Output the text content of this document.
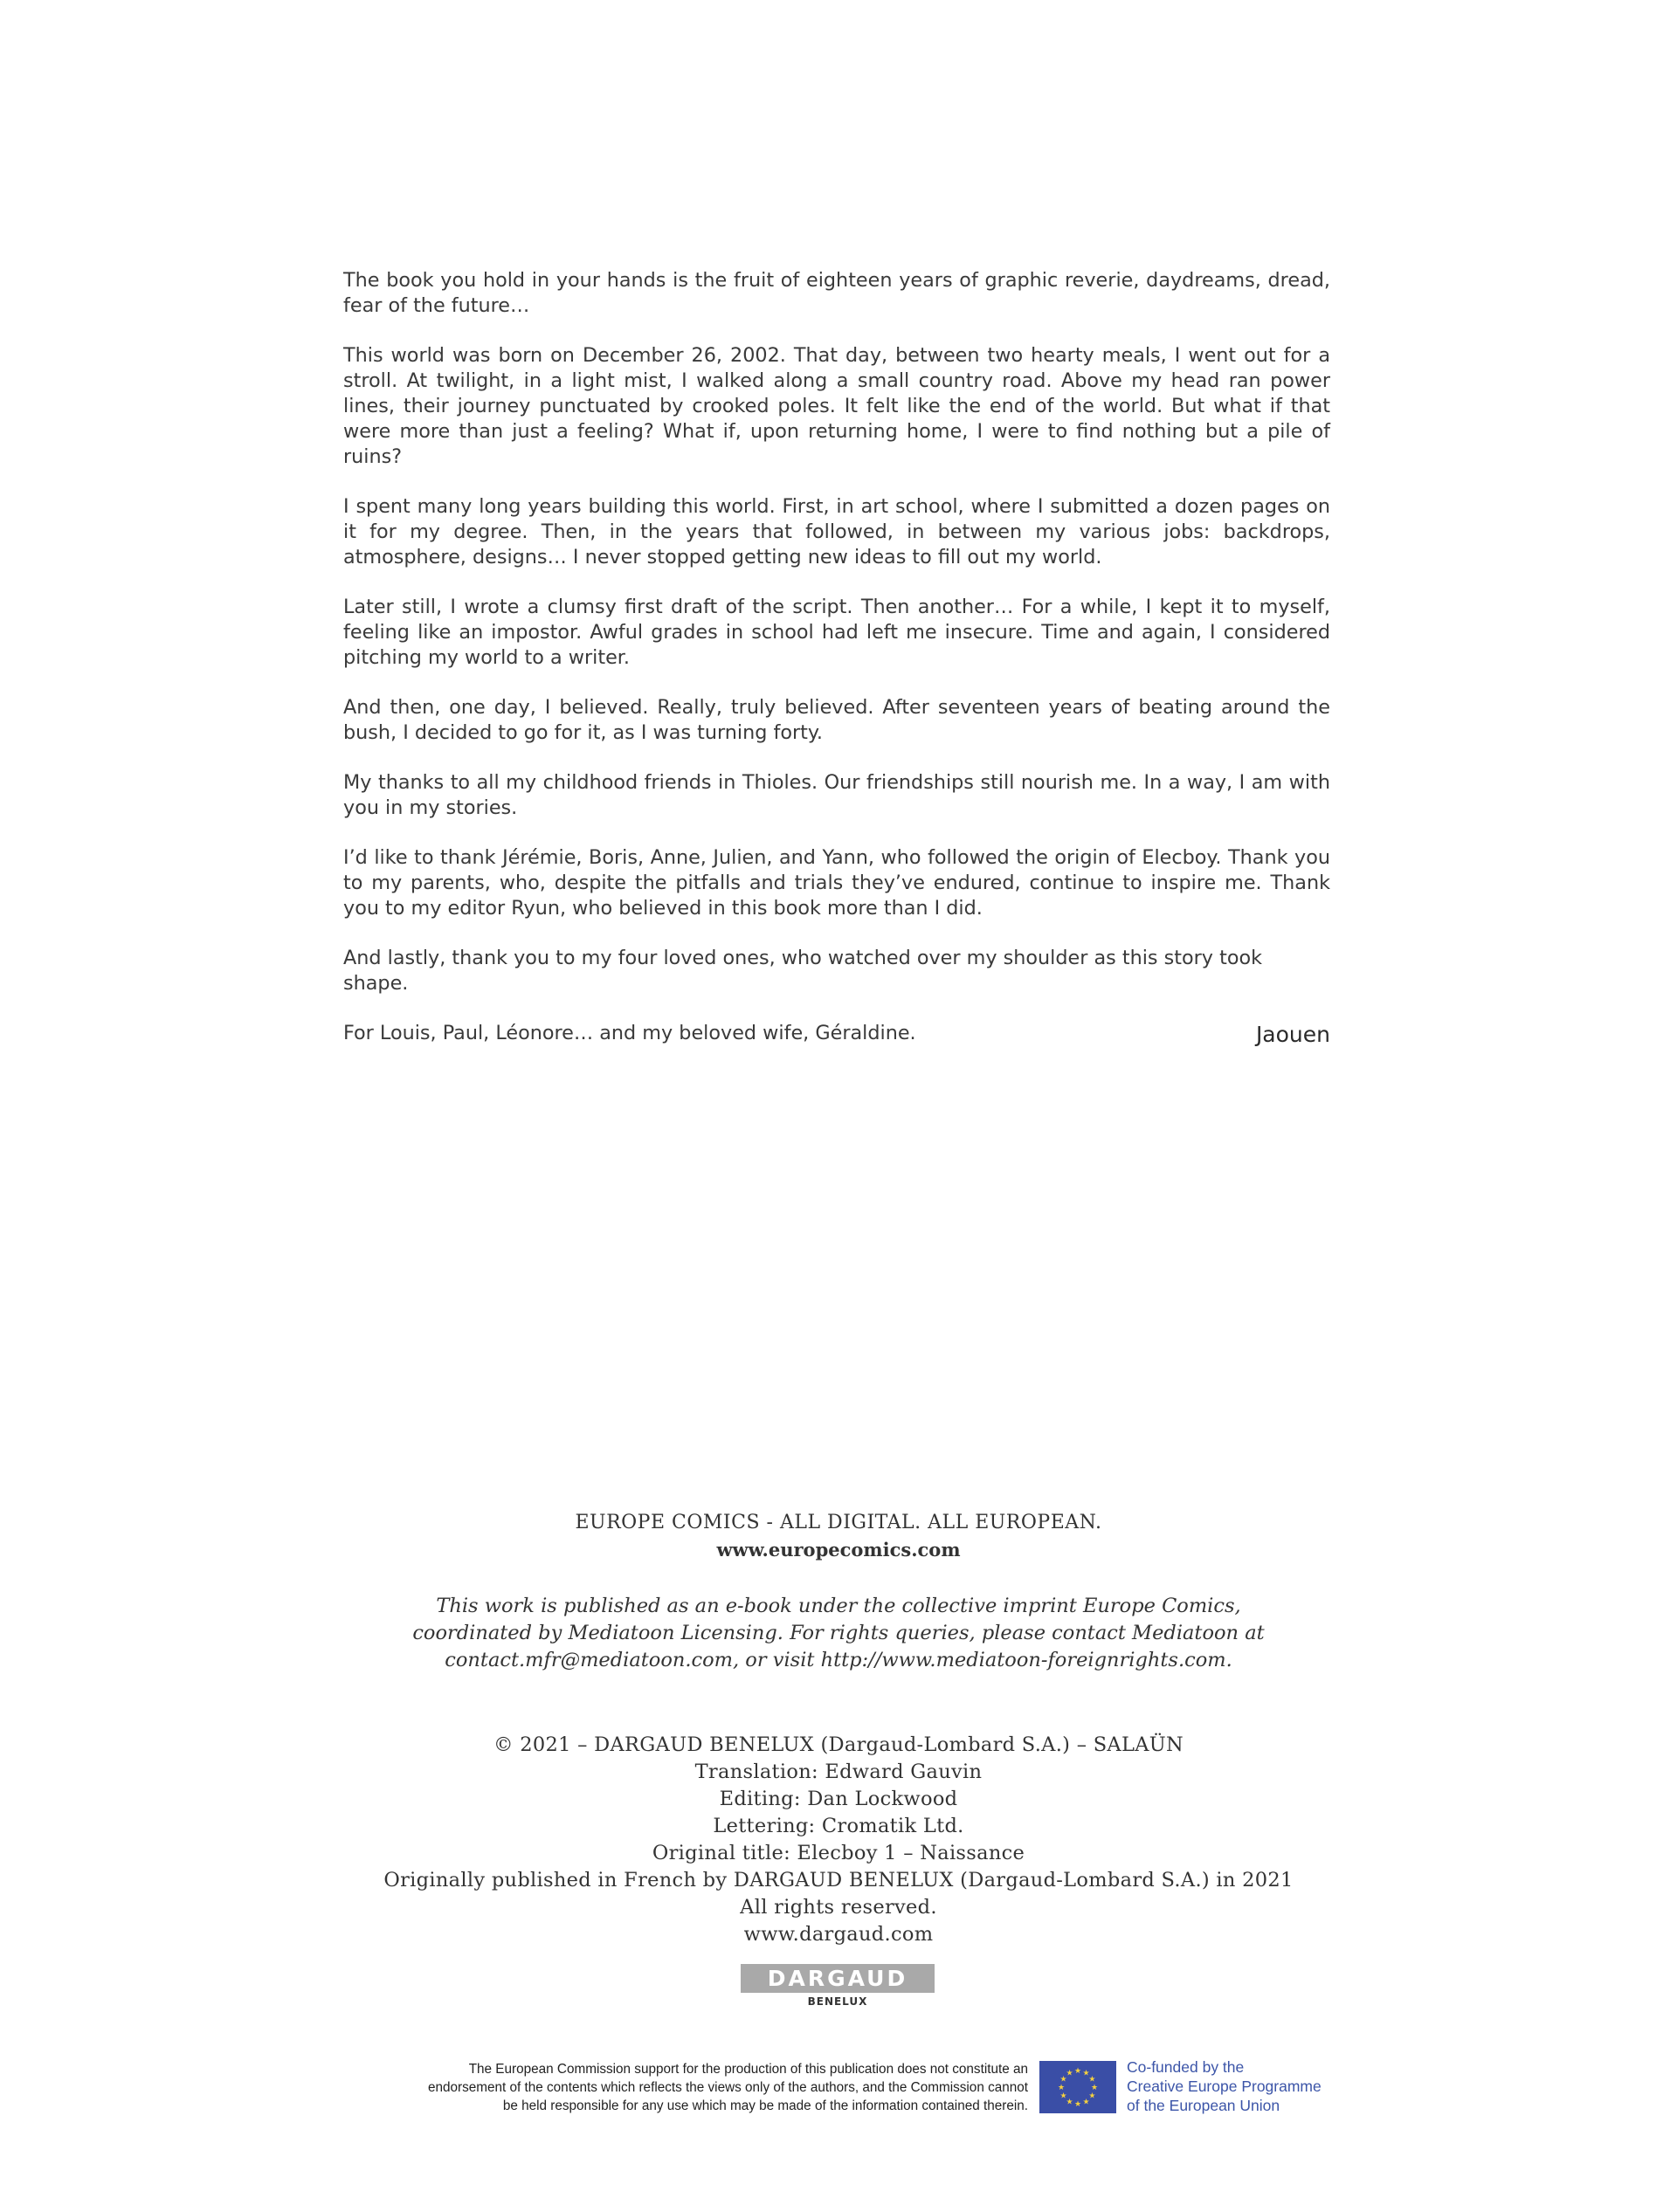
The book you hold in your hands is the fruit of eighteen years of graphic reverie, daydreams, dread, fear of the future…

This world was born on December 26, 2002. That day, between two hearty meals, I went out for a stroll. At twilight, in a light mist, I walked along a small country road. Above my head ran power lines, their journey punctuated by crooked poles. It felt like the end of the world. But what if that were more than just a feeling? What if, upon returning home, I were to find nothing but a pile of ruins?

I spent many long years building this world. First, in art school, where I submitted a dozen pages on it for my degree. Then, in the years that followed, in between my various jobs: backdrops, atmosphere, designs… I never stopped getting new ideas to fill out my world.

Later still, I wrote a clumsy first draft of the script. Then another… For a while, I kept it to myself, feeling like an impostor. Awful grades in school had left me insecure. Time and again, I considered pitching my world to a writer.

And then, one day, I believed. Really, truly believed. After seventeen years of beating around the bush, I decided to go for it, as I was turning forty.

My thanks to all my childhood friends in Thioles. Our friendships still nourish me. In a way, I am with you in my stories.

I’d like to thank Jérémie, Boris, Anne, Julien, and Yann, who followed the origin of Elecboy. Thank you to my parents, who, despite the pitfalls and trials they’ve endured, continue to inspire me. Thank you to my editor Ryun, who believed in this book more than I did.

And lastly, thank you to my four loved ones, who watched over my shoulder as this story took shape.

For Louis, Paul, Léonore… and my beloved wife, Géraldine.	Jaouen
EUROPE COMICS - ALL DIGITAL. ALL EUROPEAN.
www.europecomics.com
This work is published as an e-book under the collective imprint Europe Comics,
coordinated by Mediatoon Licensing. For rights queries, please contact Mediatoon at
contact.mfr@mediatoon.com, or visit http://www.mediatoon-foreignrights.com.
© 2021 – DARGAUD BENELUX (Dargaud-Lombard S.A.) – SALAÜN
Translation: Edward Gauvin
Editing: Dan Lockwood
Lettering: Cromatik Ltd.
Original title: Elecboy 1 – Naissance
Originally published in French by DARGAUD BENELUX (Dargaud-Lombard S.A.) in 2021
All rights reserved.
www.dargaud.com
DARGAUD
BENELUX
The European Commission support for the production of this publication does not constitute an
endorsement of the contents which reflects the views only of the authors, and the Commission cannot
be held responsible for any use which may be made of the information contained therein.
★ ★
★
★
★
★
★
★
★
★
★
★	Co-funded by the
Creative Europe Programme
of the European Union
